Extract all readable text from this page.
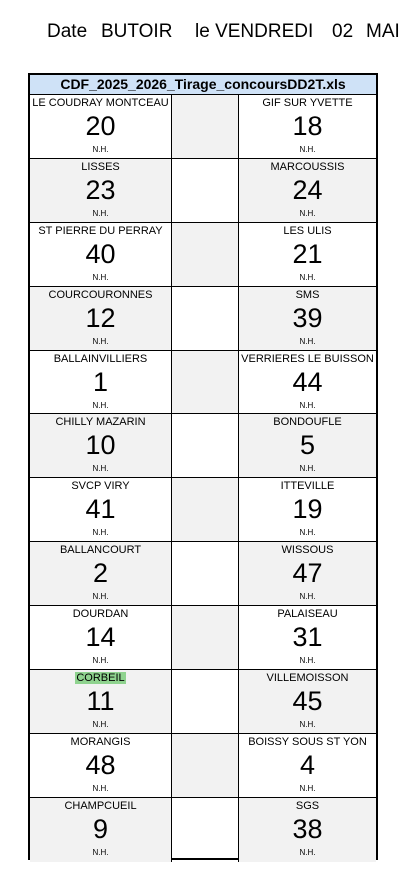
Date

BUTOIR

le VENDREDI

02

MAI

CDF_2025_2026_Tirage_concoursDD2T.xls
LE COUDRAY MONTCEAU
20
N.H.
GIF SUR YVETTE
18
N.H.
LISSES
23
N.H.
MARCOUSSIS
24
N.H.
ST PIERRE DU PERRAY
40
N.H.
LES ULIS
21
N.H.
COURCOURONNES
12
N.H.
SMS
39
N.H.
BALLAINVILLIERS
1
N.H.
VERRIERES LE BUISSON
44
N.H.
CHILLY MAZARIN
10
N.H.
BONDOUFLE
5
N.H.
SVCP VIRY
41
N.H.
ITTEVILLE
19
N.H.
BALLANCOURT
2
N.H.
WISSOUS
47
N.H.
DOURDAN
14
N.H.
PALAISEAU
31
N.H.
CORBEIL
11
N.H.
VILLEMOISSON
45
N.H.
MORANGIS
48
N.H.
BOISSY SOUS ST YON
4
N.H.
CHAMPCUEIL
9
N.H.
SGS
38
N.H.
